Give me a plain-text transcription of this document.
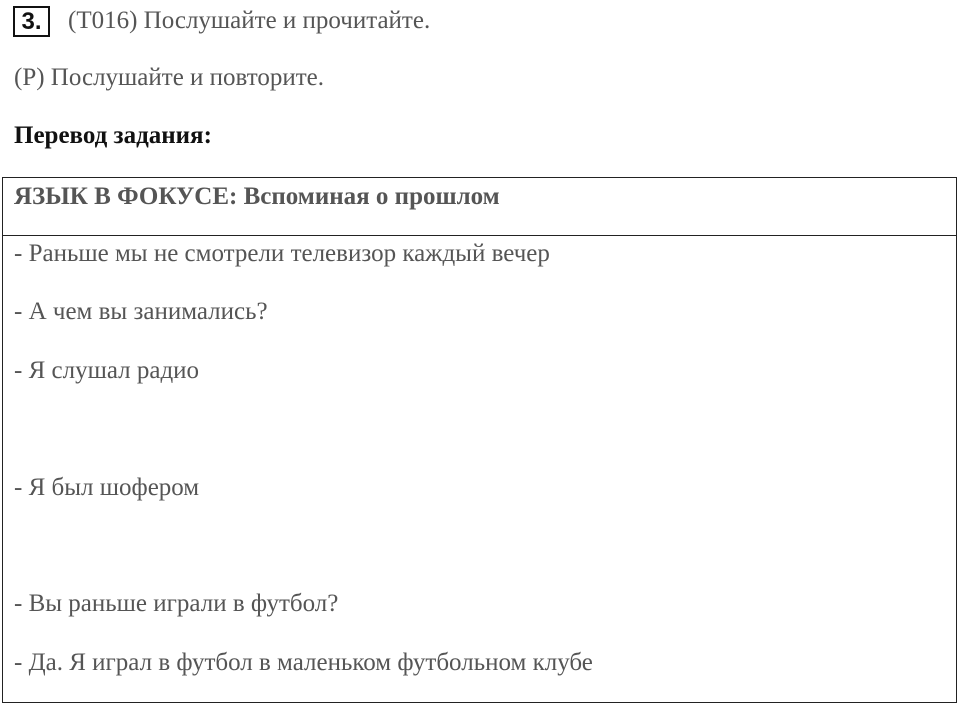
3.	(T016) Послушайте и прочитайте.
(P) Послушайте и повторите.
Перевод задания:
ЯЗЫК В ФОКУСЕ: Вспоминая о прошлом
- Раньше мы не смотрели телевизор каждый вечер
- А чем вы занимались?
- Я слушал радио
- Я был шофером
- Вы раньше играли в футбол?
- Да. Я играл в футбол в маленьком футбольном клубе
